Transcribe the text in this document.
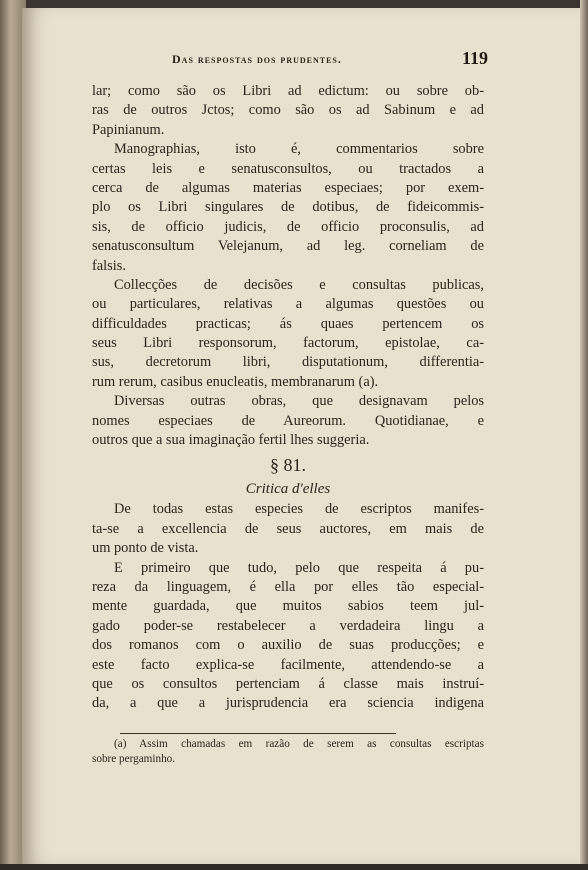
Das respostas dos prudentes.	119
lar; como são os Libri ad edictum: ou sobre ob-
ras de outros Jctos; como são os ad Sabinum e ad
Papinianum.
Manographias, isto é, commentarios sobre
certas leis e senatusconsultos, ou tractados a
cerca de algumas materias especiaes; por exem-
plo os Libri singulares de dotibus, de fideicommis-
sis, de officio judicis, de officio proconsulis, ad
senatusconsultum Velejanum, ad leg. corneliam de
falsis.
Collecções de decisões e consultas publicas,
ou particulares, relativas a algumas questões ou
difficuldades practicas; ás quaes pertencem os
seus Libri responsorum, factorum, epistolae, ca-
sus, decretorum libri, disputationum, differentia-
rum rerum, casibus enucleatis, membranarum (a).
Diversas outras obras, que designavam pelos
nomes especiaes de Aureorum. Quotidianae, e
outros que a sua imaginação fertil lhes suggeria.
§ 81.
Critica d'elles
De todas estas especies de escriptos manifes-
ta-se a excellencia de seus auctores, em mais de
um ponto de vista.
E primeiro que tudo, pelo que respeita á pu-
reza da linguagem, é ella por elles tão especial-
mente guardada, que muitos sabios teem jul-
gado poder-se restabelecer a verdadeira lingu a
dos romanos com o auxilio de suas producções; e
este facto explica-se facilmente, attendendo-se a
que os consultos pertenciam á classe mais instruí-
da, a que a jurisprudencia era sciencia indigena
(a) Assim chamadas em razão de serem as consultas escriptas
sobre pergaminho.
